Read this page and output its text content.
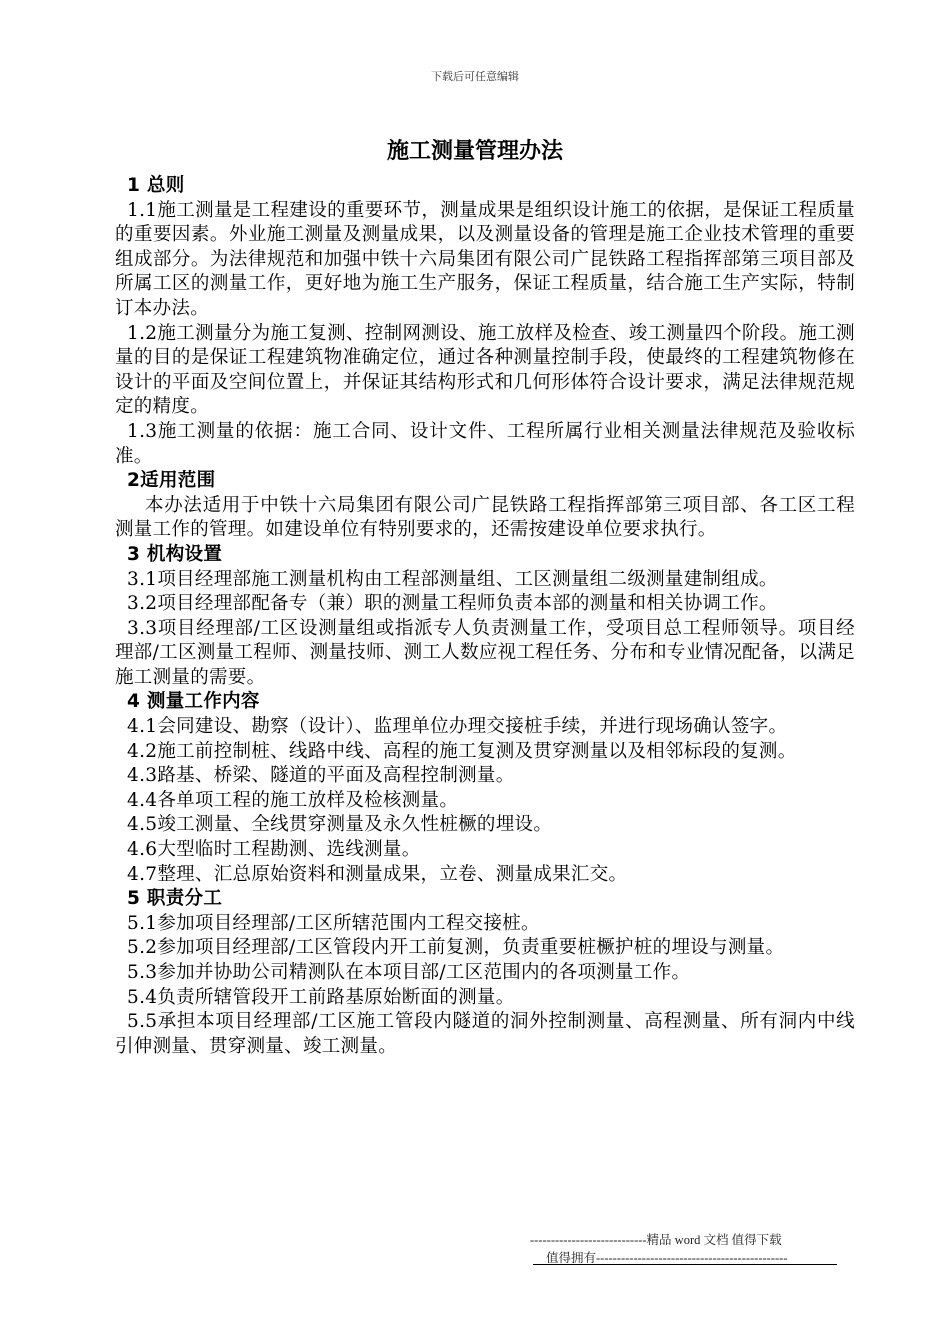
下载后可任意编辑
施工测量管理办法

1 总则

1.1施工测量是工程建设的重要环节，测量成果是组织设计施工的依据，是保证工程质量的重要因素。外业施工测量及测量成果，以及测量设备的管理是施工企业技术管理的重要组成部分。为法律规范和加强中铁十六局集团有限公司广昆铁路工程指挥部第三项目部及所属工区的测量工作，更好地为施工生产服务，保证工程质量，结合施工生产实际，特制订本办法。

1.2施工测量分为施工复测、控制网测设、施工放样及检查、竣工测量四个阶段。施工测量的目的是保证工程建筑物准确定位，通过各种测量控制手段，使最终的工程建筑物修在设计的平面及空间位置上，并保证其结构形式和几何形体符合设计要求，满足法律规范规定的精度。

1.3施工测量的依据：施工合同、设计文件、工程所属行业相关测量法律规范及验收标准。

2适用范围

本办法适用于中铁十六局集团有限公司广昆铁路工程指挥部第三项目部、各工区工程测量工作的管理。如建设单位有特别要求的，还需按建设单位要求执行。

3 机构设置

3.1项目经理部施工测量机构由工程部测量组、工区测量组二级测量建制组成。

3.2项目经理部配备专（兼）职的测量工程师负责本部的测量和相关协调工作。

3.3项目经理部/工区设测量组或指派专人负责测量工作，受项目总工程师领导。项目经理部/工区测量工程师、测量技师、测工人数应视工程任务、分布和专业情况配备，以满足施工测量的需要。

4 测量工作内容

4.1会同建设、勘察（设计）、监理单位办理交接桩手续，并进行现场确认签字。

4.2施工前控制桩、线路中线、高程的施工复测及贯穿测量以及相邻标段的复测。

4.3路基、桥梁、隧道的平面及高程控制测量。

4.4各单项工程的施工放样及检核测量。

4.5竣工测量、全线贯穿测量及永久性桩橛的埋设。

4.6大型临时工程勘测、选线测量。

4.7整理、汇总原始资料和测量成果，立卷、测量成果汇交。

5 职责分工

5.1参加项目经理部/工区所辖范围内工程交接桩。

5.2参加项目经理部/工区管段内开工前复测，负责重要桩橛护桩的埋设与测量。

5.3参加并协助公司精测队在本项目部/工区范围内的各项测量工作。

5.4负责所辖管段开工前路基原始断面的测量。

5.5承担本项目经理部/工区施工管段内隧道的洞外控制测量、高程测量、所有洞内中线引伸测量、贯穿测量、竣工测量。

----------------------------精品 word 文档 值得下载
值得拥有----------------------------------------------
